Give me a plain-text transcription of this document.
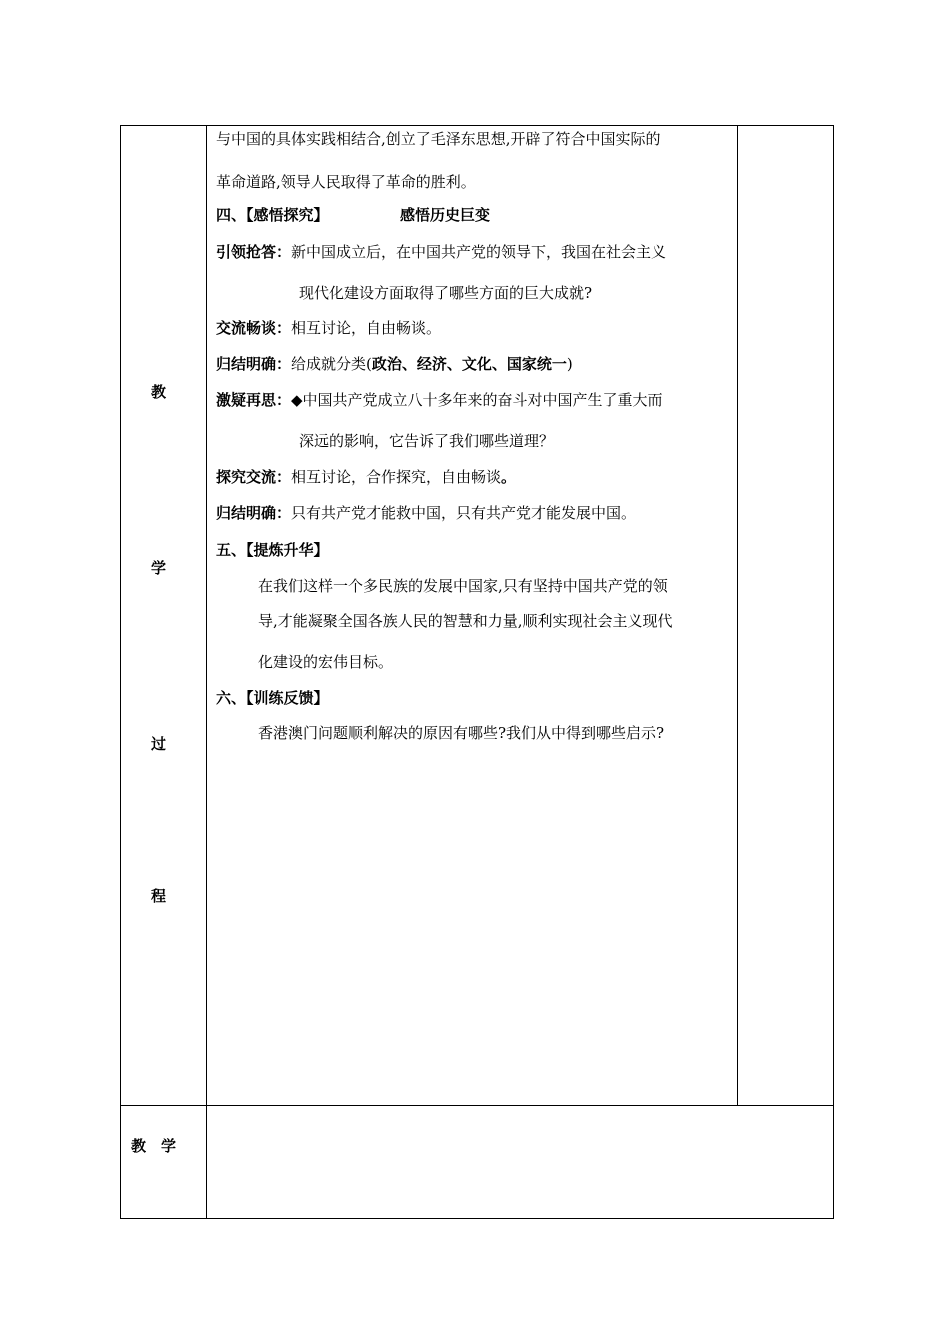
教
学
过
程
教 学
与中国的具体实践相结合,创立了毛泽东思想,开辟了符合中国实际的
革命道路,领导人民取得了革命的胜利。
四、【感悟探究】	感悟历史巨变
引领抢答：新中国成立后，在中国共产党的领导下，我国在社会主义
现代化建设方面取得了哪些方面的巨大成就?
交流畅谈：相互讨论，自由畅谈。
归结明确：给成就分类(政治、经济、文化、国家统一)
激疑再思：◆中国共产党成立八十多年来的奋斗对中国产生了重大而
深远的影响，它告诉了我们哪些道理？
探究交流：相互讨论，合作探究，自由畅谈。
归结明确：只有共产党才能救中国，只有共产党才能发展中国。
五、【提炼升华】
在我们这样一个多民族的发展中国家,只有坚持中国共产党的领
导,才能凝聚全国各族人民的智慧和力量,顺利实现社会主义现代
化建设的宏伟目标。
六、【训练反馈】
香港澳门问题顺利解决的原因有哪些?我们从中得到哪些启示?
